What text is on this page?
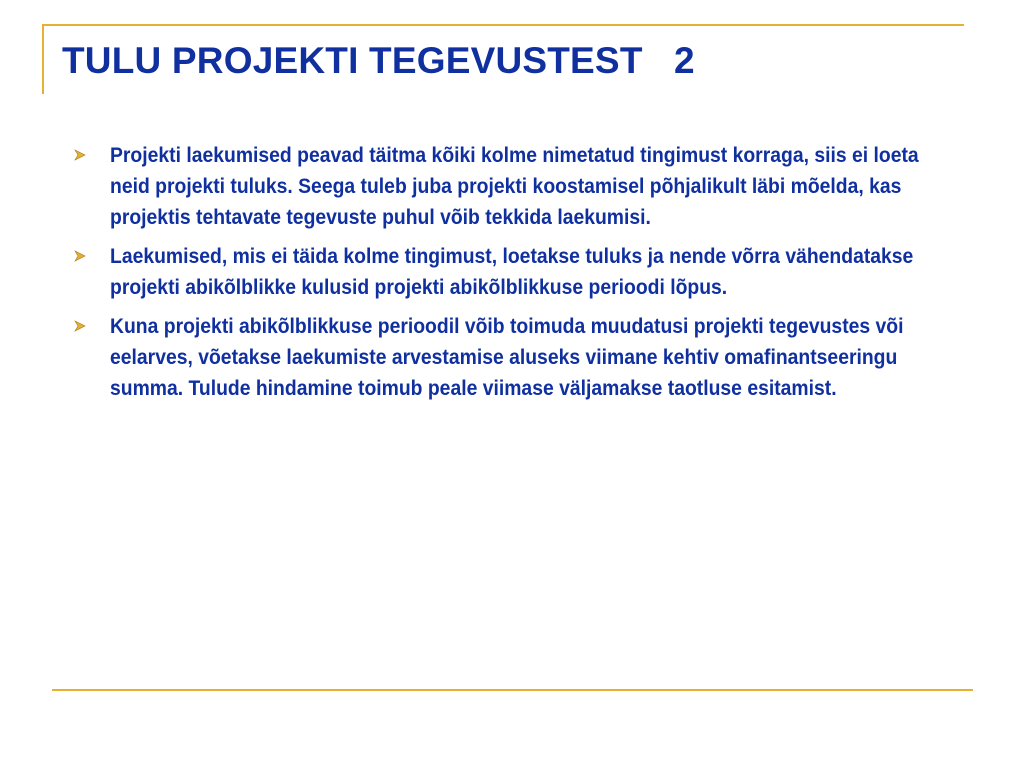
TULU PROJEKTI TEGEVUSTEST   2
Projekti laekumised peavad täitma kõiki kolme nimetatud tingimust korraga, siis ei loeta neid projekti tuluks. Seega tuleb juba projekti koostamisel põhjalikult läbi mõelda, kas projektis tehtavate tegevuste puhul võib tekkida laekumisi.
Laekumised, mis ei täida kolme tingimust, loetakse tuluks ja nende võrra vähendatakse projekti abikõlblikke kulusid projekti abikõlblikkuse perioodi lõpus.
Kuna projekti abikõlblikkuse perioodil võib toimuda muudatusi projekti tegevustes või eelarves, võetakse laekumiste arvestamise aluseks viimane kehtiv omafinantseeringu summa. Tulude hindamine toimub peale viimase väljamakse taotluse esitamist.
